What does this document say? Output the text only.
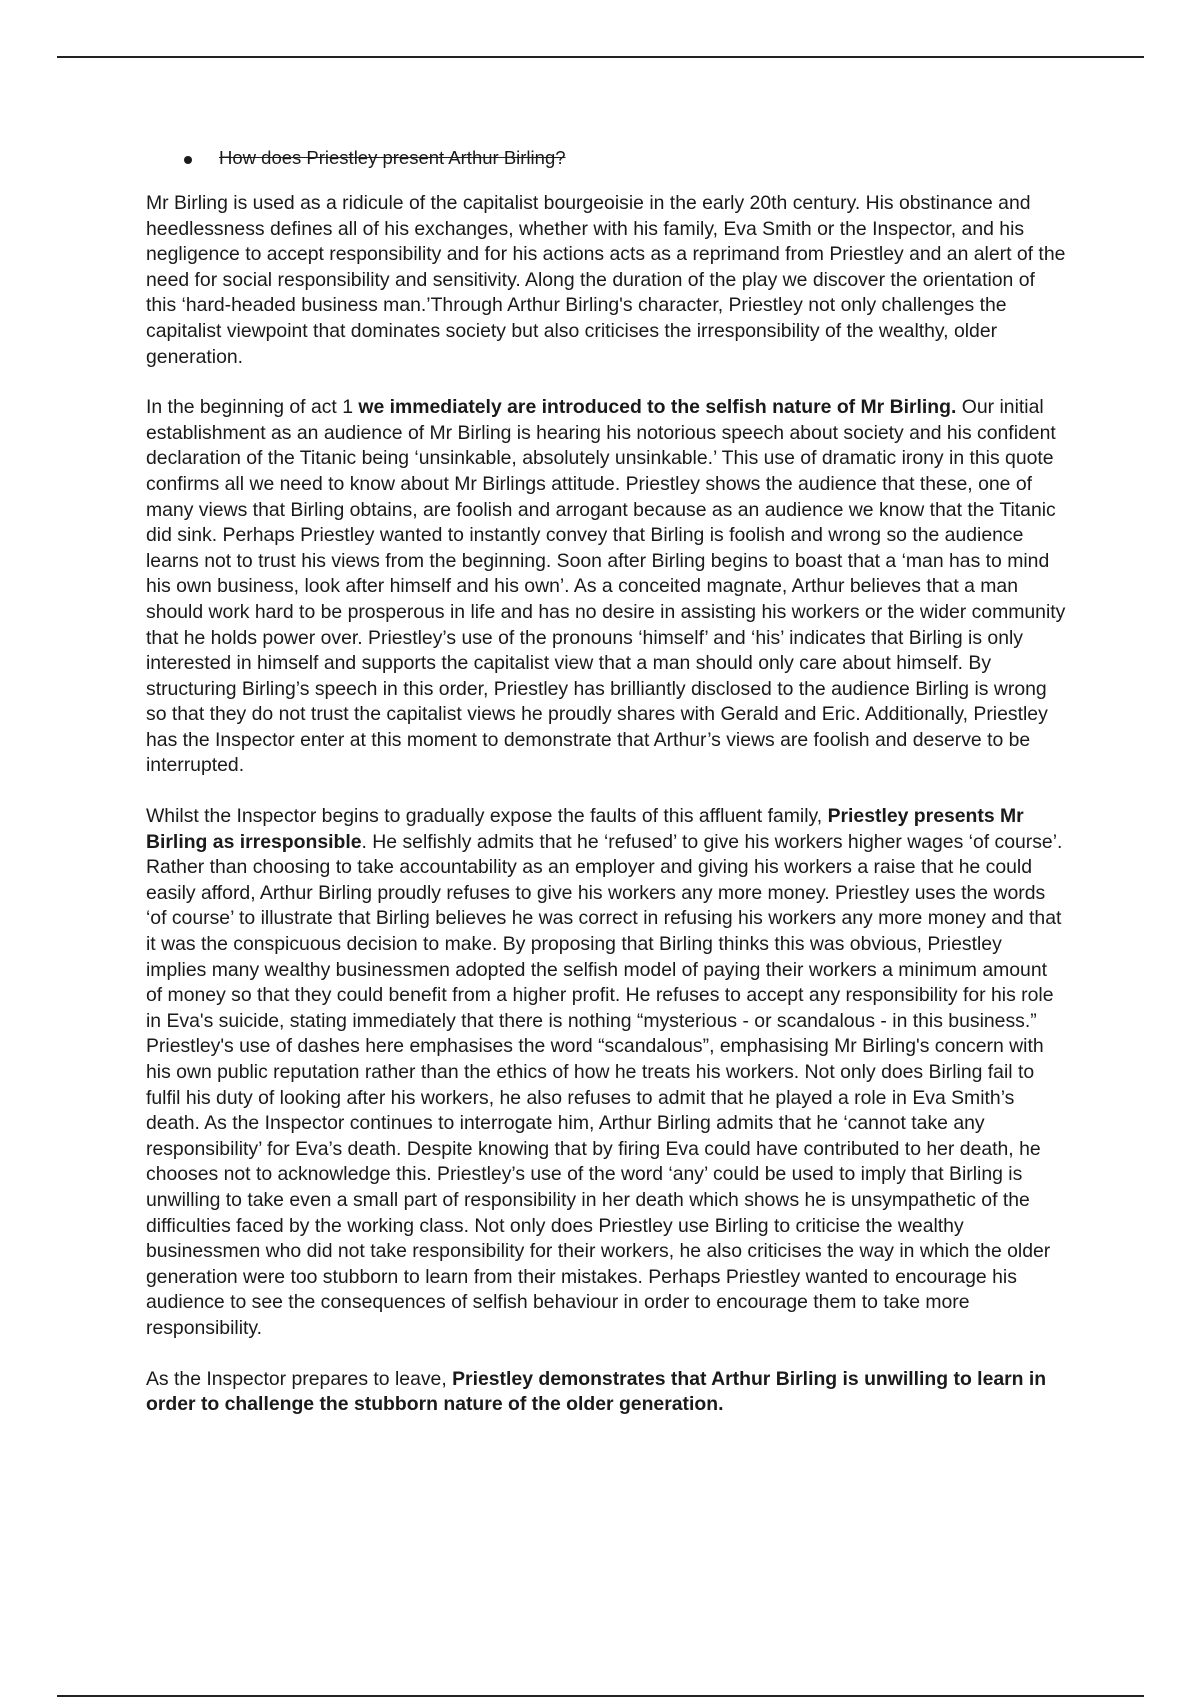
How does Priestley present Arthur Birling?

Mr Birling is used as a ridicule of the capitalist bourgeoisie in the early 20th century. His obstinance and heedlessness defines all of his exchanges, whether with his family, Eva Smith or the Inspector, and his negligence to accept responsibility and for his actions acts as a reprimand from Priestley and an alert of the need for social responsibility and sensitivity. Along the duration of the play we discover the orientation of this ‘hard-headed business man.’Through Arthur Birling's character, Priestley not only challenges the capitalist viewpoint that dominates society but also criticises the irresponsibility of the wealthy, older generation.

In the beginning of act 1 we immediately are introduced to the selfish nature of Mr Birling. Our initial establishment as an audience of Mr Birling is hearing his notorious speech about society and his confident declaration of the Titanic being ‘unsinkable, absolutely unsinkable.’ This use of dramatic irony in this quote confirms all we need to know about Mr Birlings attitude. Priestley shows the audience that these, one of many views that Birling obtains, are foolish and arrogant because as an audience we know that the Titanic did sink. Perhaps Priestley wanted to instantly convey that Birling is foolish and wrong so the audience learns not to trust his views from the beginning. Soon after Birling begins to boast that a ‘man has to mind his own business, look after himself and his own’. As a conceited magnate, Arthur believes that a man should work hard to be prosperous in life and has no desire in assisting his workers or the wider community that he holds power over. Priestley’s use of the pronouns ‘himself’ and ‘his’ indicates that Birling is only interested in himself and supports the capitalist view that a man should only care about himself. By structuring Birling’s speech in this order, Priestley has brilliantly disclosed to the audience Birling is wrong so that they do not trust the capitalist views he proudly shares with Gerald and Eric. Additionally, Priestley has the Inspector enter at this moment to demonstrate that Arthur’s views are foolish and deserve to be interrupted.

Whilst the Inspector begins to gradually expose the faults of this affluent family, Priestley presents Mr Birling as irresponsible. He selfishly admits that he ‘refused’ to give his workers higher wages ‘of course’. Rather than choosing to take accountability as an employer and giving his workers a raise that he could easily afford, Arthur Birling proudly refuses to give his workers any more money. Priestley uses the words ‘of course’ to illustrate that Birling believes he was correct in refusing his workers any more money and that it was the conspicuous decision to make. By proposing that Birling thinks this was obvious, Priestley implies many wealthy businessmen adopted the selfish model of paying their workers a minimum amount of money so that they could benefit from a higher profit. He refuses to accept any responsibility for his role in Eva's suicide, stating immediately that there is nothing “mysterious - or scandalous - in this business.” Priestley's use of dashes here emphasises the word “scandalous”, emphasising Mr Birling's concern with his own public reputation rather than the ethics of how he treats his workers. Not only does Birling fail to fulfil his duty of looking after his workers, he also refuses to admit that he played a role in Eva Smith’s death. As the Inspector continues to interrogate him, Arthur Birling admits that he ‘cannot take any responsibility’ for Eva’s death. Despite knowing that by firing Eva could have contributed to her death, he chooses not to acknowledge this. Priestley’s use of the word ‘any’ could be used to imply that Birling is unwilling to take even a small part of responsibility in her death which shows he is unsympathetic of the difficulties faced by the working class. Not only does Priestley use Birling to criticise the wealthy businessmen who did not take responsibility for their workers, he also criticises the way in which the older generation were too stubborn to learn from their mistakes. Perhaps Priestley wanted to encourage his audience to see the consequences of selfish behaviour in order to encourage them to take more responsibility.

As the Inspector prepares to leave, Priestley demonstrates that Arthur Birling is unwilling to learn in order to challenge the stubborn nature of the older generation.
